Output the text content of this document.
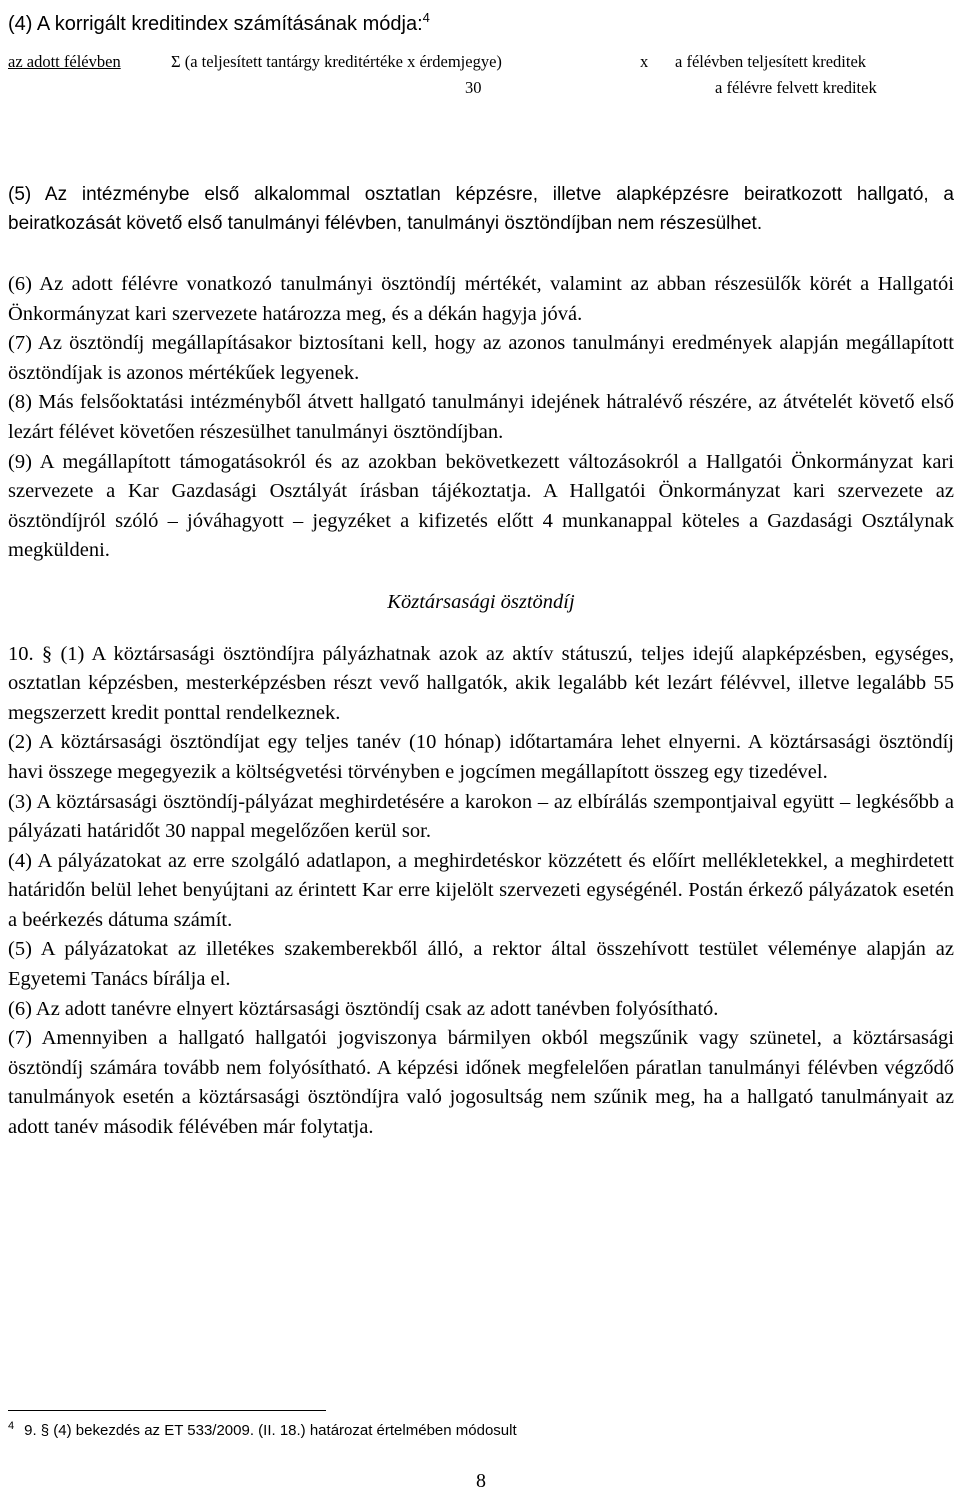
(4) A korrigált kreditindex számításának módja:$^4$
az adott félévben	Σ (a teljesített tantárgy kreditértéke x érdemjegye)	x a félévben teljesített kreditek
30	a félévre felvett kreditek

(5) Az intézménybe első alkalommal osztatlan képzésre, illetve alapképzésre beiratkozott hallgató, a beiratkozását követő első tanulmányi félévben, tanulmányi ösztöndíjban nem részesülhet.

(6) Az adott félévre vonatkozó tanulmányi ösztöndíj mértékét, valamint az abban részesülők körét a Hallgatói Önkormányzat kari szervezete határozza meg, és a dékán hagyja jóvá.

(7) Az ösztöndíj megállapításakor biztosítani kell, hogy az azonos tanulmányi eredmények alapján megállapított ösztöndíjak is azonos mértékűek legyenek.

(8) Más felsőoktatási intézményből átvett hallgató tanulmányi idejének hátralévő részére, az átvételét követő első lezárt félévet követően részesülhet tanulmányi ösztöndíjban.

(9) A megállapított támogatásokról és az azokban bekövetkezett változásokról a Hallgatói Önkormányzat kari szervezete a Kar Gazdasági Osztályát írásban tájékoztatja. A Hallgatói Önkormányzat kari szervezete az ösztöndíjról szóló – jóváhagyott – jegyzéket a kifizetés előtt 4 munkanappal köteles a Gazdasági Osztálynak megküldeni.

Köztársasági ösztöndíj

10. § (1) A köztársasági ösztöndíjra pályázhatnak azok az aktív státuszú, teljes idejű alapképzésben, egységes, osztatlan képzésben, mesterképzésben részt vevő hallgatók, akik legalább két lezárt félévvel, illetve legalább 55 megszerzett kredit ponttal rendelkeznek.

(2) A köztársasági ösztöndíjat egy teljes tanév (10 hónap) időtartamára lehet elnyerni. A köztársasági ösztöndíj havi összege megegyezik a költségvetési törvényben e jogcímen megállapított összeg egy tizedével.

(3) A köztársasági ösztöndíj-pályázat meghirdetésére a karokon – az elbírálás szempontjaival együtt – legkésőbb a pályázati határidőt 30 nappal megelőzően kerül sor.

(4) A pályázatokat az erre szolgáló adatlapon, a meghirdetéskor közzétett és előírt mellékletekkel, a meghirdetett határidőn belül lehet benyújtani az érintett Kar erre kijelölt szervezeti egységénél. Postán érkező pályázatok esetén a beérkezés dátuma számít.

(5) A pályázatokat az illetékes szakemberekből álló, a rektor által összehívott testület véleménye alapján az Egyetemi Tanács bírálja el.

(6) Az adott tanévre elnyert köztársasági ösztöndíj csak az adott tanévben folyósítható.

(7) Amennyiben a hallgató hallgatói jogviszonya bármilyen okból megszűnik vagy szünetel, a köztársasági ösztöndíj számára tovább nem folyósítható. A képzési időnek megfelelően páratlan tanulmányi félévben végződő tanulmányok esetén a köztársasági ösztöndíjra való jogosultság nem szűnik meg, ha a hallgató tanulmányait az adott tanév második félévében már folytatja.

$^4$ 9. § (4) bekezdés az ET 533/2009. (II. 18.) határozat értelmében módosult
8
